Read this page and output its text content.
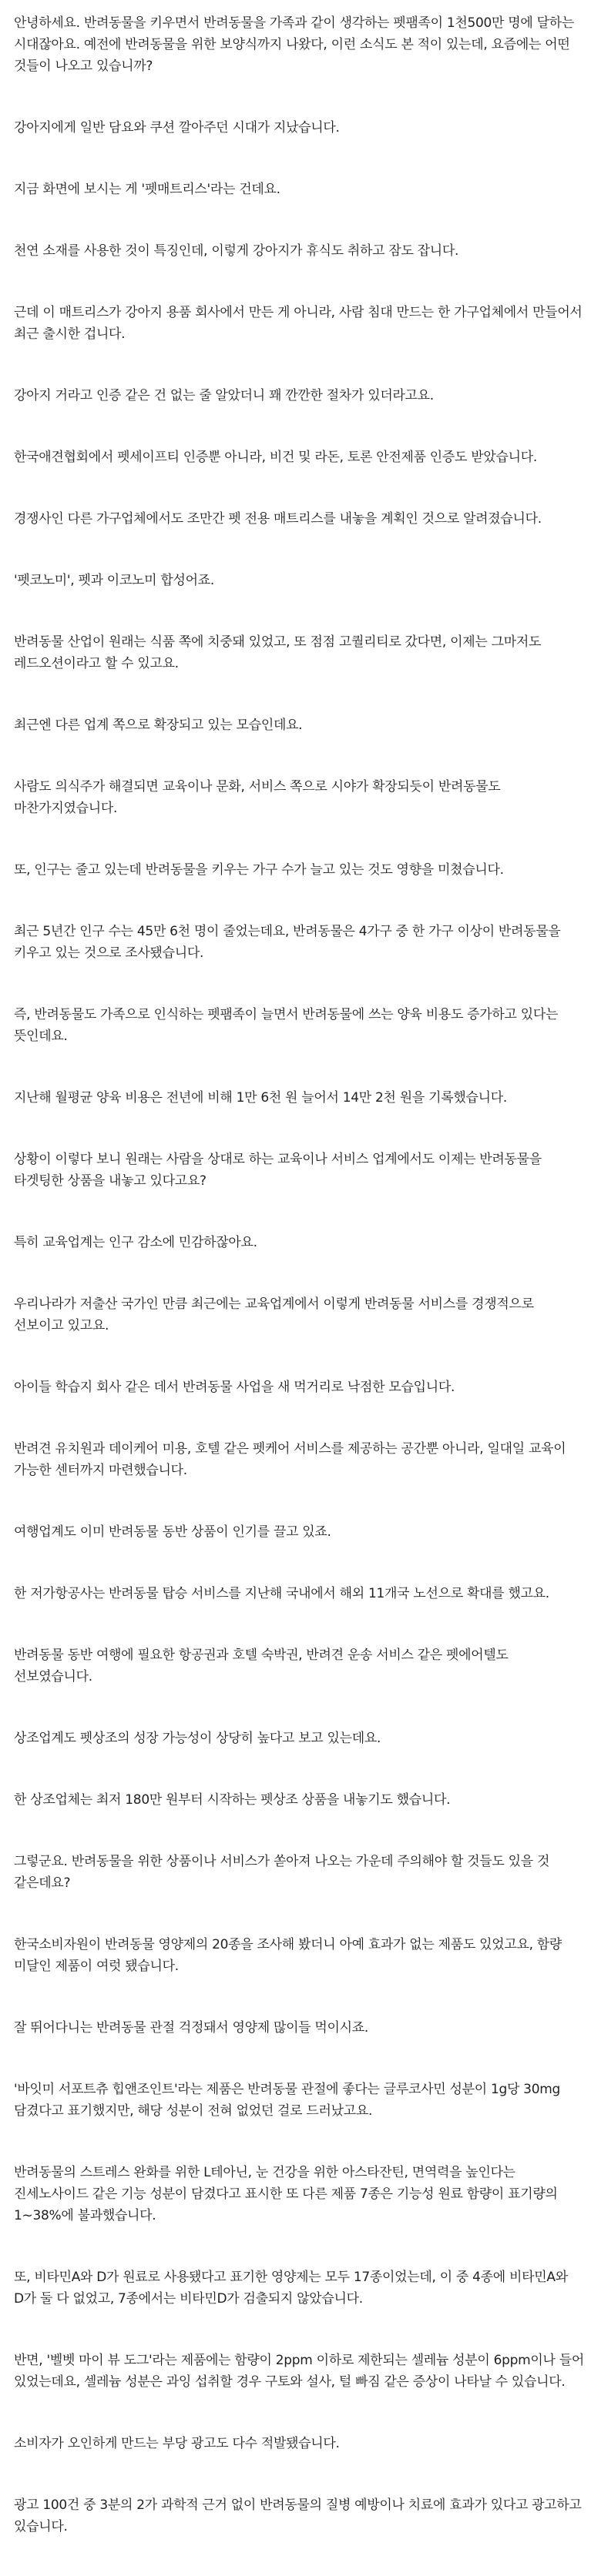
안녕하세요. 반려동물을 키우면서 반려동물을 가족과 같이 생각하는 펫팸족이 1천500만 명에 달하는 시대잖아요. 예전에 반려동물을 위한 보양식까지 나왔다, 이런 소식도 본 적이 있는데, 요즘에는 어떤 것들이 나오고 있습니까?

강아지에게 일반 담요와 쿠션 깔아주던 시대가 지났습니다.

지금 화면에 보시는 게 '펫매트리스'라는 건데요.

천연 소재를 사용한 것이 특징인데, 이렇게 강아지가 휴식도 취하고 잠도 잡니다.

근데 이 매트리스가 강아지 용품 회사에서 만든 게 아니라, 사람 침대 만드는 한 가구업체에서 만들어서 최근 출시한 겁니다.

강아지 거라고 인증 같은 건 없는 줄 알았더니 꽤 깐깐한 절차가 있더라고요.

한국애견협회에서 펫세이프티 인증뿐 아니라, 비건 및 라돈, 토론 안전제품 인증도 받았습니다.

경쟁사인 다른 가구업체에서도 조만간 펫 전용 매트리스를 내놓을 계획인 것으로 알려졌습니다.

'펫코노미', 펫과 이코노미 합성어죠.

반려동물 산업이 원래는 식품 쪽에 치중돼 있었고, 또 점점 고퀄리티로 갔다면, 이제는 그마저도 레드오션이라고 할 수 있고요.

최근엔 다른 업계 쪽으로 확장되고 있는 모습인데요.

사람도 의식주가 해결되면 교육이나 문화, 서비스 쪽으로 시야가 확장되듯이 반려동물도 마찬가지였습니다.

또, 인구는 줄고 있는데 반려동물을 키우는 가구 수가 늘고 있는 것도 영향을 미쳤습니다.

최근 5년간 인구 수는 45만 6천 명이 줄었는데요, 반려동물은 4가구 중 한 가구 이상이 반려동물을 키우고 있는 것으로 조사됐습니다.

즉, 반려동물도 가족으로 인식하는 펫팸족이 늘면서 반려동물에 쓰는 양육 비용도 증가하고 있다는 뜻인데요.

지난해 월평균 양육 비용은 전년에 비해 1만 6천 원 늘어서 14만 2천 원을 기록했습니다.

상황이 이렇다 보니 원래는 사람을 상대로 하는 교육이나 서비스 업계에서도 이제는 반려동물을 타겟팅한 상품을 내놓고 있다고요?

특히 교육업계는 인구 감소에 민감하잖아요.

우리나라가 저출산 국가인 만큼 최근에는 교육업계에서 이렇게 반려동물 서비스를 경쟁적으로 선보이고 있고요.

아이들 학습지 회사 같은 데서 반려동물 사업을 새 먹거리로 낙점한 모습입니다.

반려견 유치원과 데이케어 미용, 호텔 같은 펫케어 서비스를 제공하는 공간뿐 아니라, 일대일 교육이 가능한 센터까지 마련했습니다.

여행업계도 이미 반려동물 동반 상품이 인기를 끌고 있죠.

한 저가항공사는 반려동물 탑승 서비스를 지난해 국내에서 해외 11개국 노선으로 확대를 했고요.

반려동물 동반 여행에 필요한 항공권과 호텔 숙박권, 반려견 운송 서비스 같은 펫에어텔도 선보였습니다.

상조업계도 펫상조의 성장 가능성이 상당히 높다고 보고 있는데요.

한 상조업체는 최저 180만 원부터 시작하는 펫상조 상품을 내놓기도 했습니다.

그렇군요. 반려동물을 위한 상품이나 서비스가 쏟아져 나오는 가운데 주의해야 할 것들도 있을 것 같은데요?

한국소비자원이 반려동물 영양제의 20종을 조사해 봤더니 아예 효과가 없는 제품도 있었고요, 함량 미달인 제품이 여럿 됐습니다.

잘 뛰어다니는 반려동물 관절 걱정돼서 영양제 많이들 먹이시죠.

'바잇미 서포트츄 힙앤조인트'라는 제품은 반려동물 관절에 좋다는 글루코사민 성분이 1g당 30mg 담겼다고 표기했지만, 해당 성분이 전혀 없었던 걸로 드러났고요.

반려동물의 스트레스 완화를 위한 L테아닌, 눈 건강을 위한 아스타잔틴, 면역력을 높인다는 진세노사이드 같은 기능 성분이 담겼다고 표시한 또 다른 제품 7종은 기능성 원료 함량이 표기량의 1~38%에 불과했습니다.

또, 비타민A와 D가 원료로 사용됐다고 표기한 영양제는 모두 17종이었는데, 이 중 4종에 비타민A와 D가 둘 다 없었고, 7종에서는 비타민D가 검출되지 않았습니다.

반면, '벨벳 마이 뷰 도그'라는 제품에는 함량이 2ppm 이하로 제한되는 셀레늄 성분이 6ppm이나 들어 있었는데요, 셀레늄 성분은 과잉 섭취할 경우 구토와 설사, 털 빠짐 같은 증상이 나타날 수 있습니다.

소비자가 오인하게 만드는 부당 광고도 다수 적발됐습니다.

광고 100건 중 3분의 2가 과학적 근거 없이 반려동물의 질병 예방이나 치료에 효과가 있다고 광고하고 있습니다.
